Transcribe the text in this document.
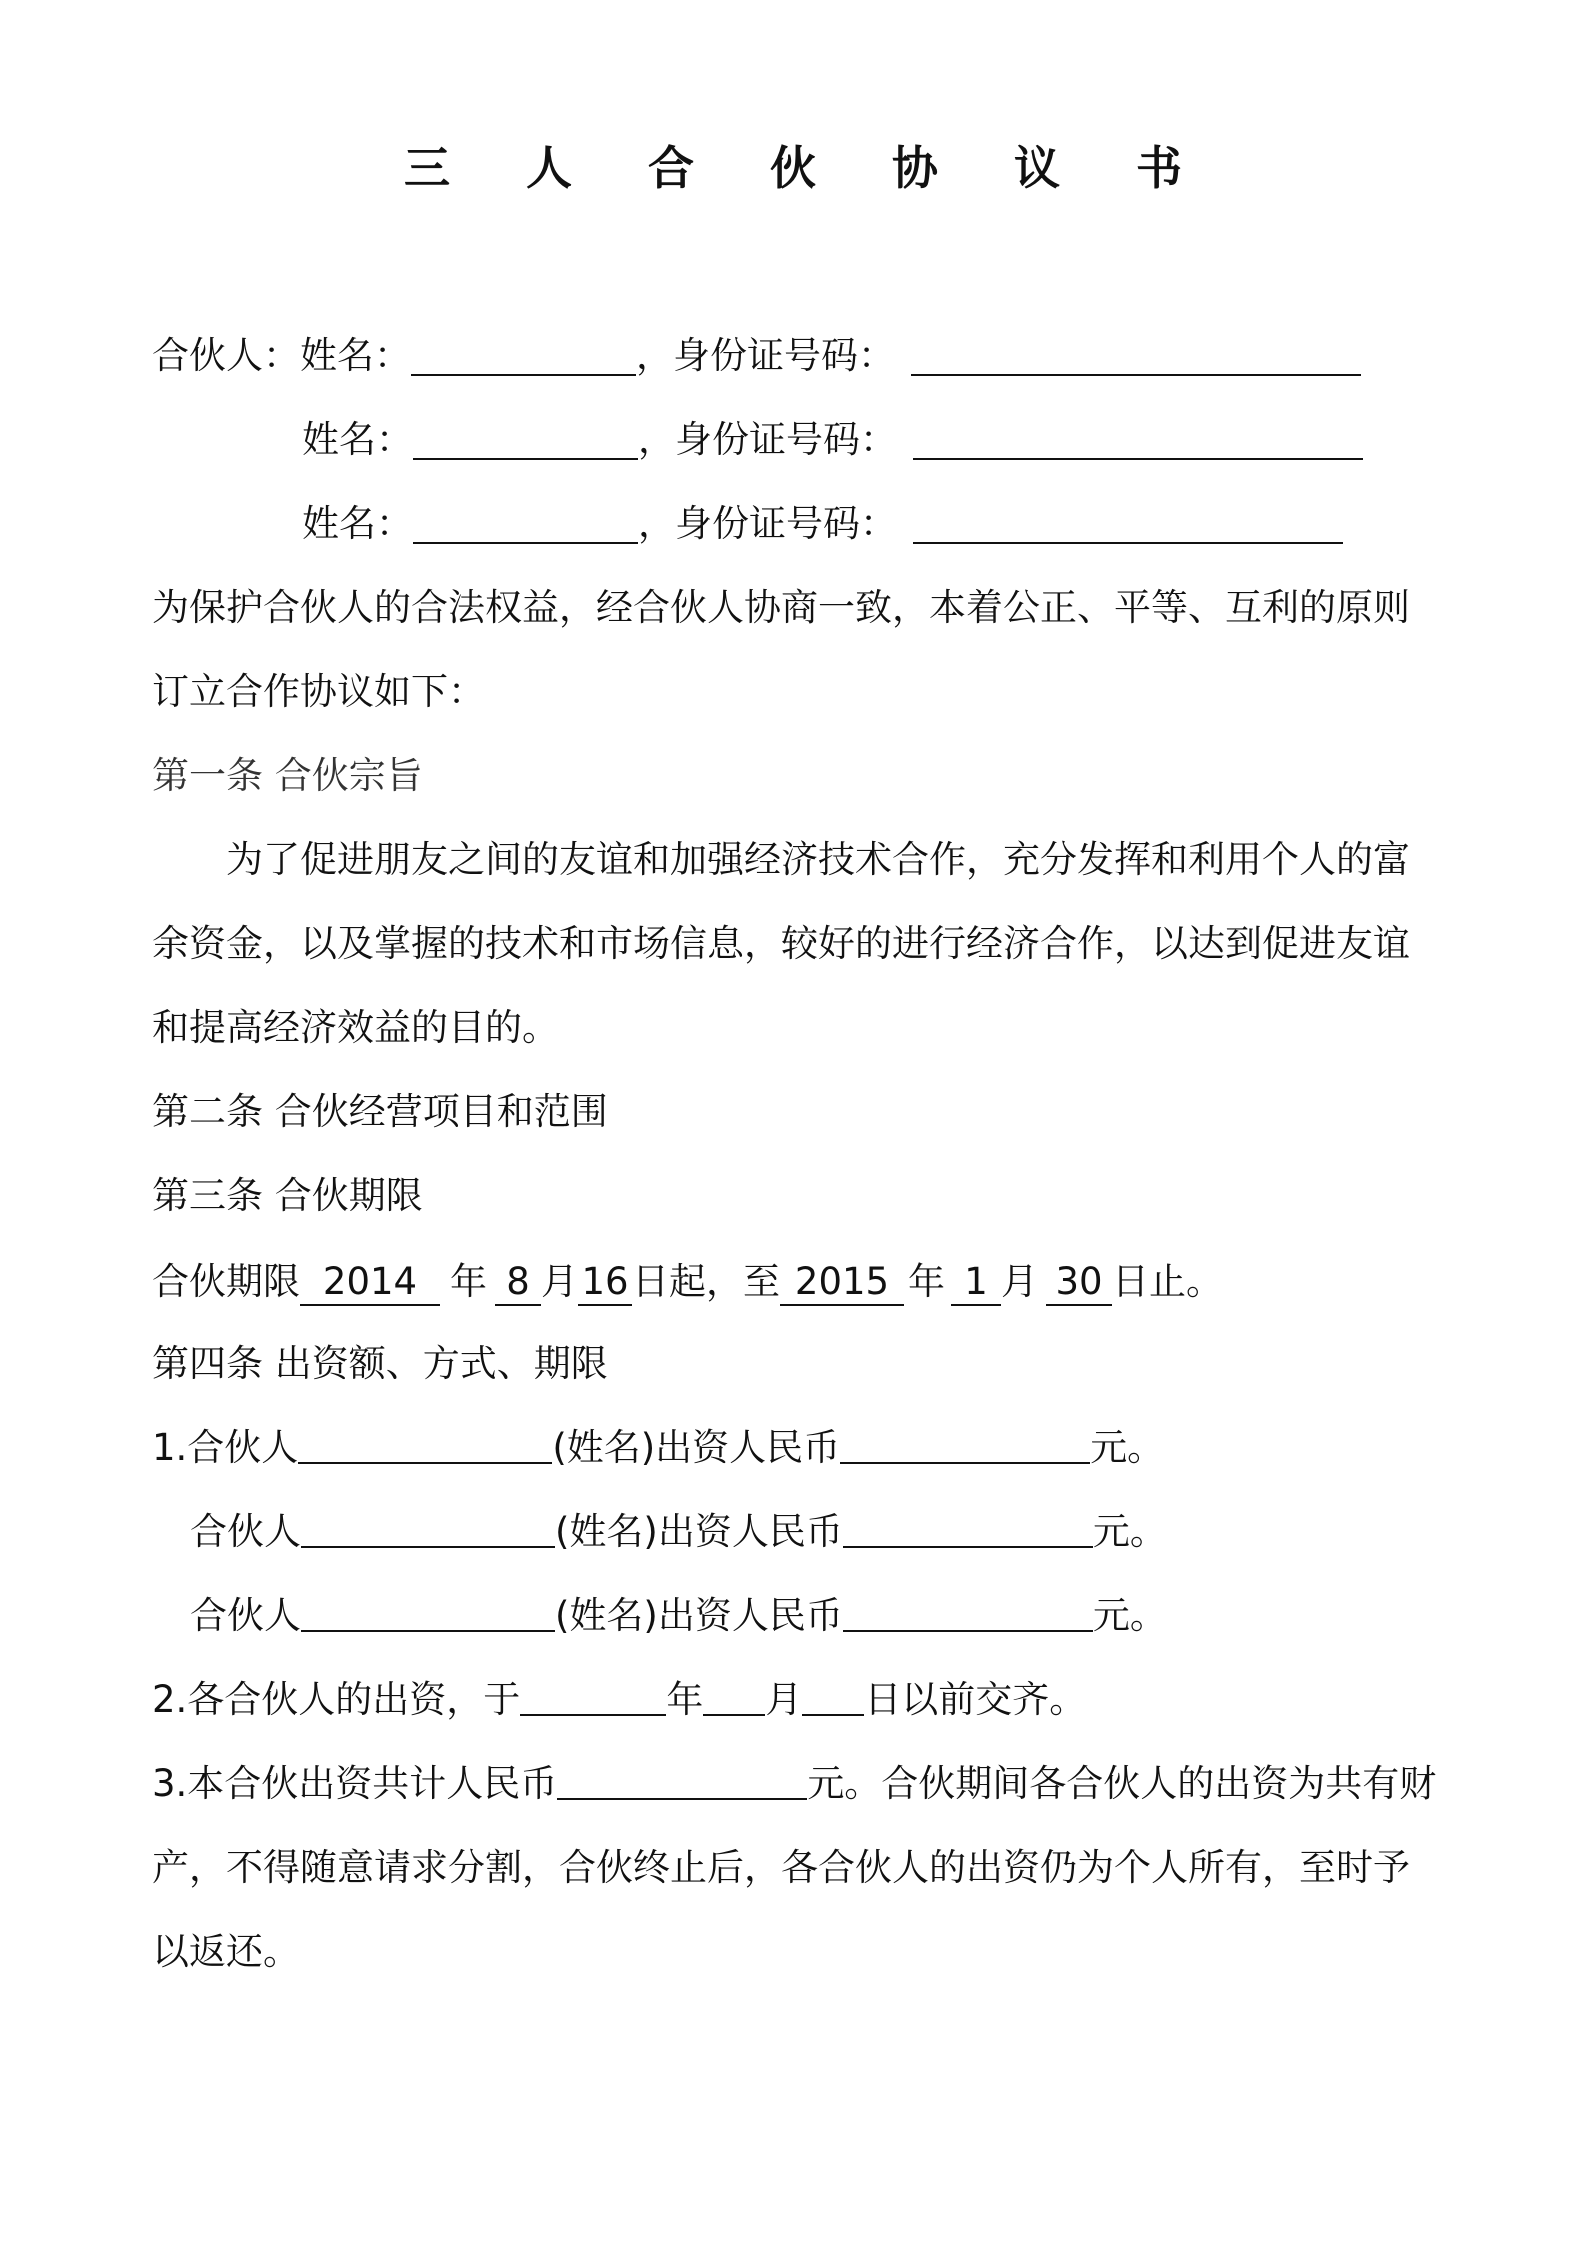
三 人 合 伙 协 议 书
合伙人：姓名：	，身份证号码：
姓名：	，身份证号码：
姓名：	，身份证号码：
为保护合伙人的合法权益，经合伙人协商一致，本着公正、平等、互利的原则
订立合作协议如下：
第一条 合伙宗旨
为了促进朋友之间的友谊和加强经济技术合作，充分发挥和利用个人的富
余资金，以及掌握的技术和市场信息，较好的进行经济合作，以达到促进友谊
和提高经济效益的目的。
第二条 合伙经营项目和范围
第三条 合伙期限
合伙期限 2014 年 8 月16日起，至 2015 年 1 月 30 日止。
第四条 出资额、方式、期限
1.合伙人	(姓名)出资人民币	元。
合伙人	(姓名)出资人民币	元。
合伙人	(姓名)出资人民币	元。
2.各合伙人的出资，于	年 月 日以前交齐。
3.本合伙出资共计人民币	元。合伙期间各合伙人的出资为共有财
产，不得随意请求分割，合伙终止后，各合伙人的出资仍为个人所有，至时予
以返还。
